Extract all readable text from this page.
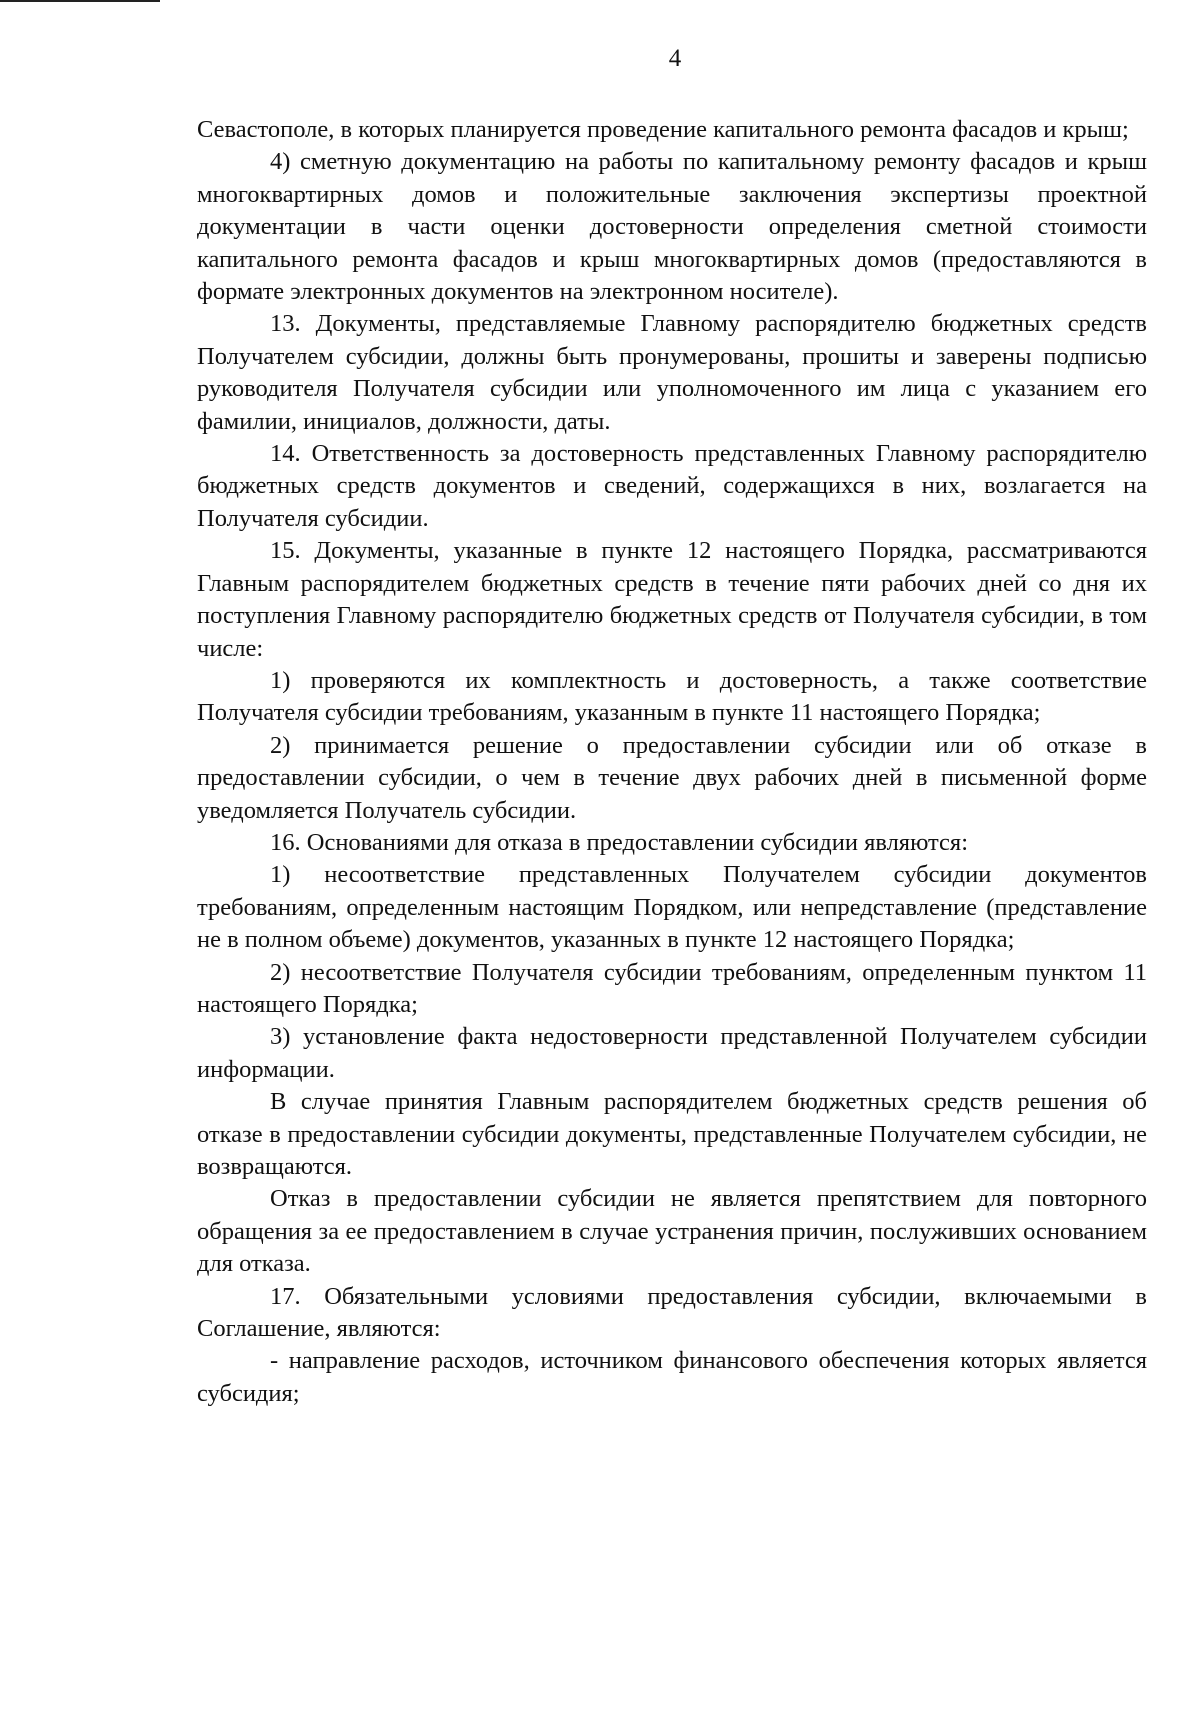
4

Севастополе, в которых планируется проведение капитального ремонта фасадов и крыш;

4) сметную документацию на работы по капитальному ремонту фасадов и крыш многоквартирных домов и положительные заключения экспертизы проектной документации в части оценки достоверности определения сметной стоимости капитального ремонта фасадов и крыш многоквартирных домов (предоставляются в формате электронных документов на электронном носителе).

13. Документы, представляемые Главному распорядителю бюджетных средств Получателем субсидии, должны быть пронумерованы, прошиты и заверены подписью руководителя Получателя субсидии или уполномоченного им лица с указанием его фамилии, инициалов, должности, даты.

14. Ответственность за достоверность представленных Главному распорядителю бюджетных средств документов и сведений, содержащихся в них, возлагается на Получателя субсидии.

15. Документы, указанные в пункте 12 настоящего Порядка, рассматриваются Главным распорядителем бюджетных средств в течение пяти рабочих дней со дня их поступления Главному распорядителю бюджетных средств от Получателя субсидии, в том числе:

1) проверяются их комплектность и достоверность, а также соответствие Получателя субсидии требованиям, указанным в пункте 11 настоящего Порядка;

2) принимается решение о предоставлении субсидии или об отказе в предоставлении субсидии, о чем в течение двух рабочих дней в письменной форме уведомляется Получатель субсидии.

16. Основаниями для отказа в предоставлении субсидии являются:

1) несоответствие представленных Получателем субсидии документов требованиям, определенным настоящим Порядком, или непредставление (представление не в полном объеме) документов, указанных в пункте 12 настоящего Порядка;

2) несоответствие Получателя субсидии требованиям, определенным пунктом 11 настоящего Порядка;

3) установление факта недостоверности представленной Получателем субсидии информации.

В случае принятия Главным распорядителем бюджетных средств решения об отказе в предоставлении субсидии документы, представленные Получателем субсидии, не возвращаются.

Отказ в предоставлении субсидии не является препятствием для повторного обращения за ее предоставлением в случае устранения причин, послуживших основанием для отказа.

17. Обязательными условиями предоставления субсидии, включаемыми в Соглашение, являются:

- направление расходов, источником финансового обеспечения которых является субсидия;
